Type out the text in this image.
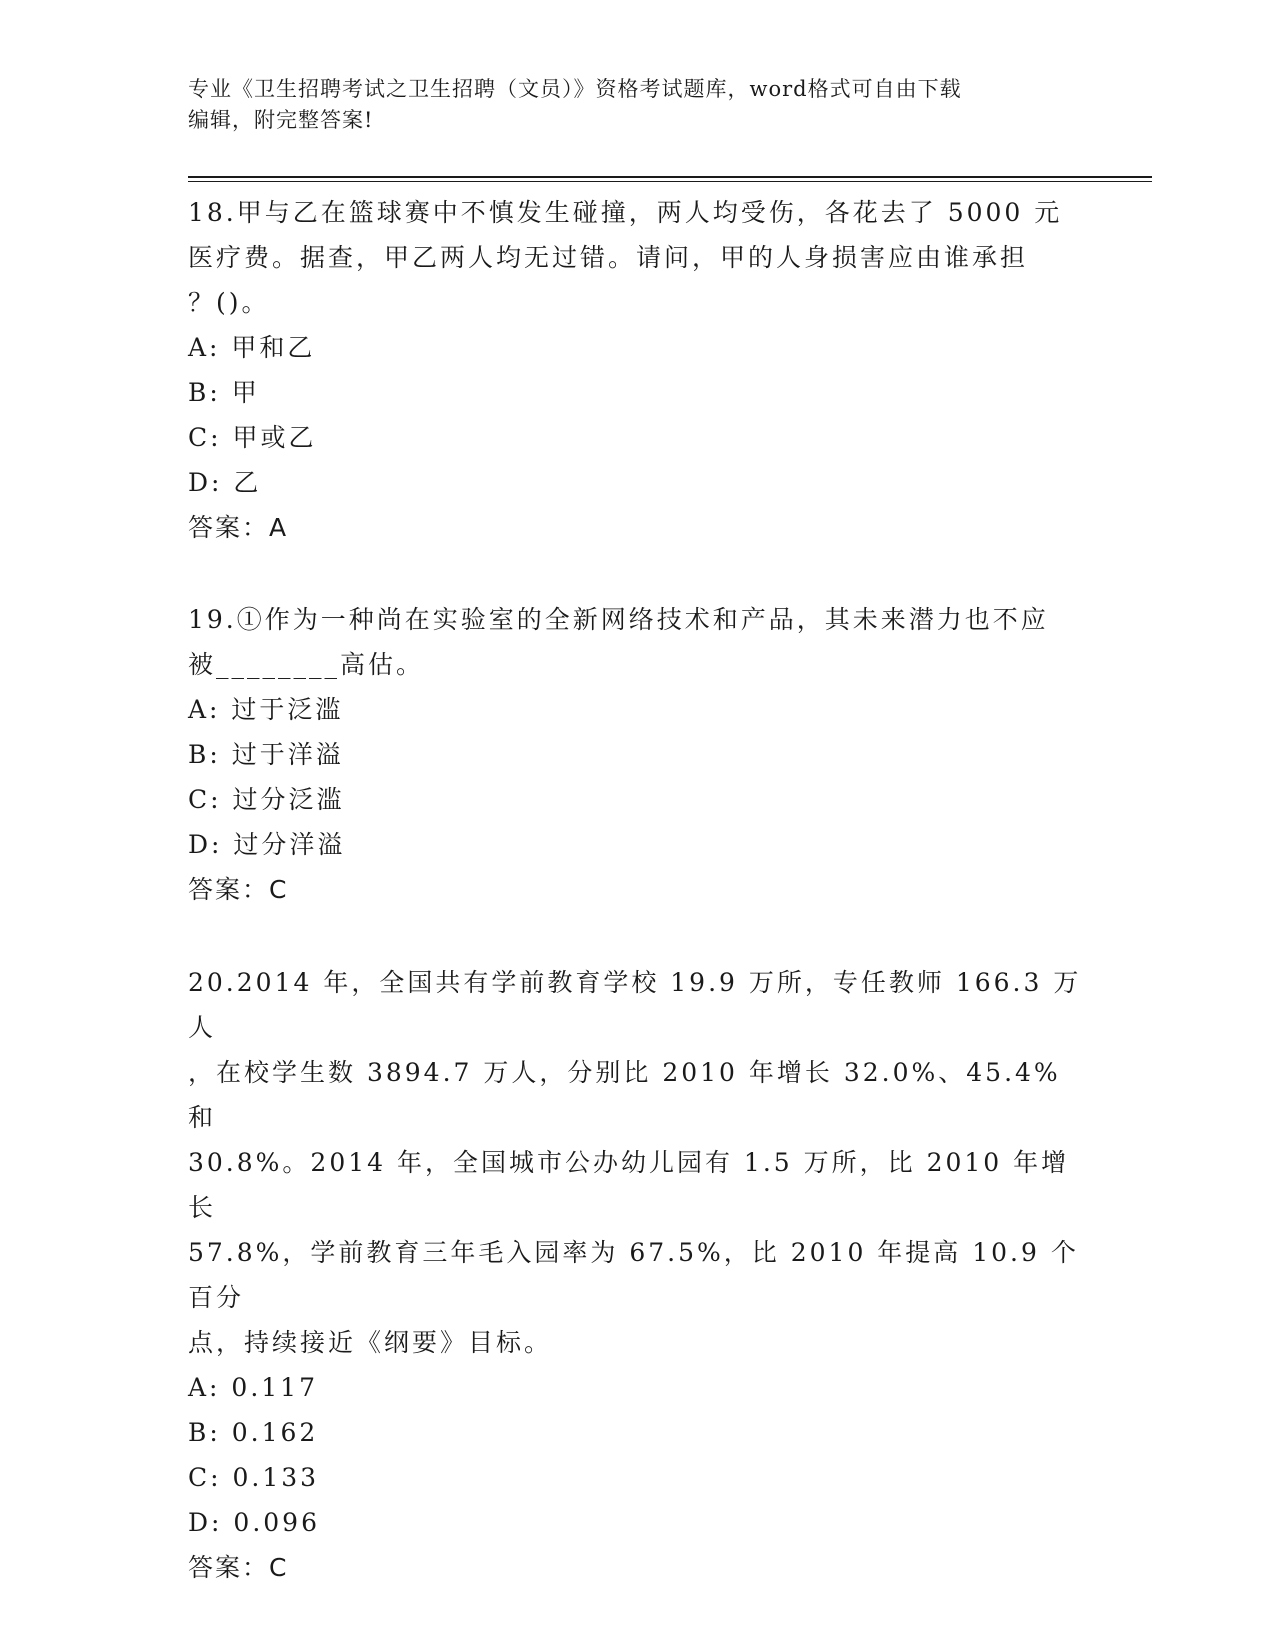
专业《卫生招聘考试之卫生招聘（文员）》资格考试题库，word格式可自由下载
编辑，附完整答案!

18.甲与乙在篮球赛中不慎发生碰撞，两人均受伤，各花去了 5000 元

医疗费。据查，甲乙两人均无过错。请问，甲的人身损害应由谁承担

？()。

A: 甲和乙

B: 甲

C: 甲或乙

D: 乙

答案：A

19.①作为一种尚在实验室的全新网络技术和产品，其未来潜力也不应

被________高估。

A: 过于泛滥

B: 过于洋溢

C: 过分泛滥

D: 过分洋溢

答案：C

20.2014 年，全国共有学前教育学校 19.9 万所，专任教师 166.3 万人

，在校学生数 3894.7 万人，分别比 2010 年增长 32.0%、45.4%和

30.8%。2014 年，全国城市公办幼儿园有 1.5 万所，比 2010 年增长

57.8%，学前教育三年毛入园率为 67.5%，比 2010 年提高 10.9 个百分

点，持续接近《纲要》目标。

A: 0.117

B: 0.162

C: 0.133

D: 0.096

答案：C
